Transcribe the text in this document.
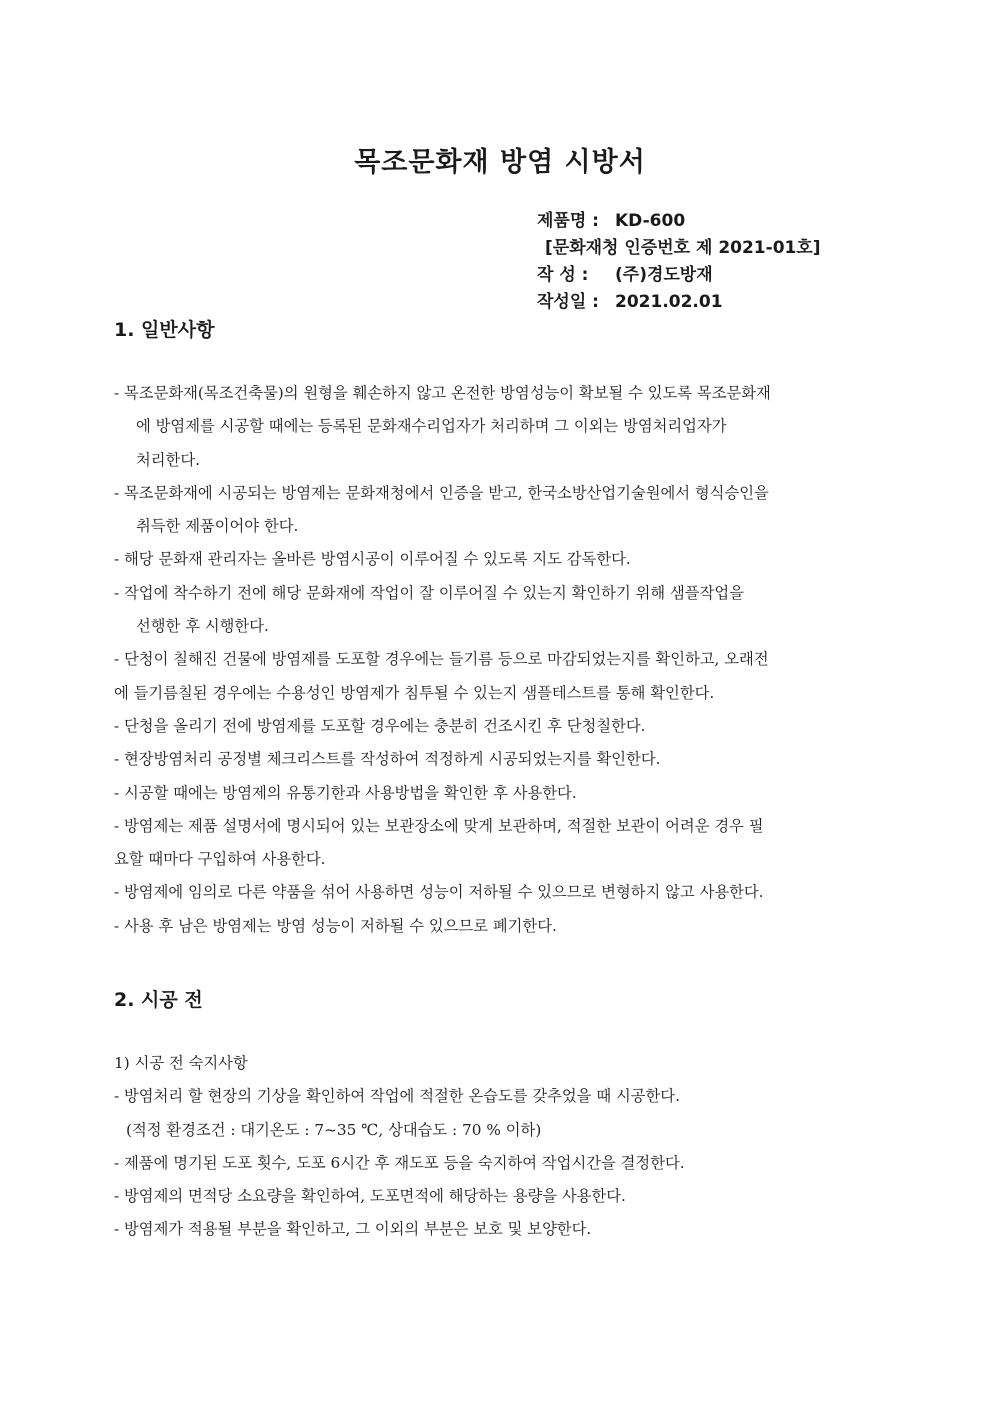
목조문화재 방염 시방서
제품명 : KD-600
[문화재청 인증번호 제 2021-01호]
작 성 : (주)경도방재
작성일 : 2021.02.01
1. 일반사항
- 목조문화재(목조건축물)의 원형을 훼손하지 않고 온전한 방염성능이 확보될 수 있도록 목조문화재
에 방염제를 시공할 때에는 등록된 문화재수리업자가 처리하며 그 이외는 방염처리업자가
처리한다.
- 목조문화재에 시공되는 방염제는 문화재청에서 인증을 받고, 한국소방산업기술원에서 형식승인을
취득한 제품이어야 한다.
- 해당 문화재 관리자는 올바른 방염시공이 이루어질 수 있도록 지도 감독한다.
- 작업에 착수하기 전에 해당 문화재에 작업이 잘 이루어질 수 있는지 확인하기 위해 샘플작업을
선행한 후 시행한다.
- 단청이 칠해진 건물에 방염제를 도포할 경우에는 들기름 등으로 마감되었는지를 확인하고, 오래전
에 들기름칠된 경우에는 수용성인 방염제가 침투될 수 있는지 샘플테스트를 통해 확인한다.
- 단청을 올리기 전에 방염제를 도포할 경우에는 충분히 건조시킨 후 단청칠한다.
- 현장방염처리 공정별 체크리스트를 작성하여 적정하게 시공되었는지를 확인한다.
- 시공할 때에는 방염제의 유통기한과 사용방법을 확인한 후 사용한다.
- 방염제는 제품 설명서에 명시되어 있는 보관장소에 맞게 보관하며, 적절한 보관이 어려운 경우 필
요할 때마다 구입하여 사용한다.
- 방염제에 임의로 다른 약품을 섞어 사용하면 성능이 저하될 수 있으므로 변형하지 않고 사용한다.
- 사용 후 남은 방염제는 방염 성능이 저하될 수 있으므로 폐기한다.
2. 시공 전
1) 시공 전 숙지사항
- 방염처리 할 현장의 기상을 확인하여 작업에 적절한 온습도를 갖추었을 때 시공한다.
(적정 환경조건 : 대기온도 : 7~35 ℃, 상대습도 : 70 % 이하)
- 제품에 명기된 도포 횟수, 도포 6시간 후 재도포 등을 숙지하여 작업시간을 결정한다.
- 방염제의 면적당 소요량을 확인하여, 도포면적에 해당하는 용량을 사용한다.
- 방염제가 적용될 부분을 확인하고, 그 이외의 부분은 보호 및 보양한다.
